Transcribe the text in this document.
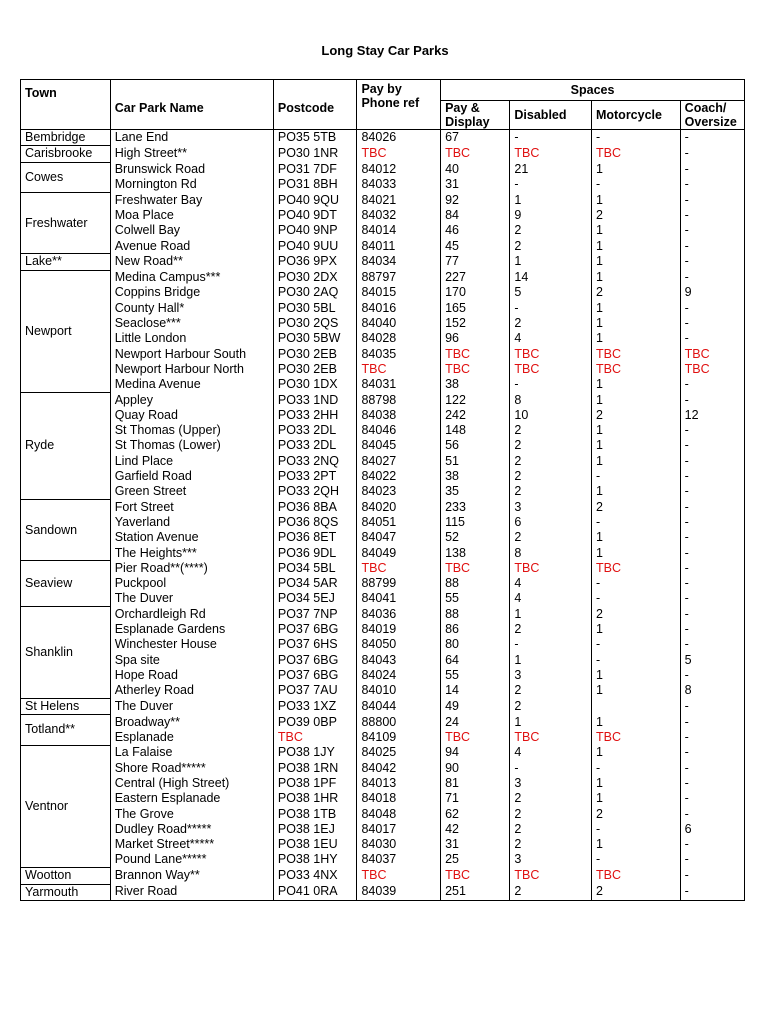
Long Stay Car Parks
Town	Car Park Name	Postcode	Pay by Phone ref	Spaces			
				Pay & Display	Disabled	Motorcycle	Coach/ Oversize
Bembridge	Lane End	PO35 5TB	84026	67	-	-	-
Carisbrooke	High Street**	PO30 1NR	TBC	TBC	TBC	TBC	-
Cowes	Brunswick Road	PO31 7DF	84012	40	21	1	-
	Mornington Rd	PO31 8BH	84033	31	-	-	-
Freshwater	Freshwater Bay	PO40 9QU	84021	92	1	1	-
	Moa Place	PO40 9DT	84032	84	9	2	-
	Colwell Bay	PO40 9NP	84014	46	2	1	-
	Avenue Road	PO40 9UU	84011	45	2	1	-
Lake**	New Road**	PO36 9PX	84034	77	1	1	-
Newport	Medina Campus***	PO30 2DX	88797	227	14	1	-
	Coppins Bridge	PO30 2AQ	84015	170	5	2	9
	County Hall*	PO30 5BL	84016	165	-	1	-
	Seaclose***	PO30 2QS	84040	152	2	1	-
	Little London	PO30 5BW	84028	96	4	1	-
	Newport Harbour South	PO30 2EB	84035	TBC	TBC	TBC	TBC
	Newport Harbour North	PO30 2EB	TBC	TBC	TBC	TBC	TBC
	Medina Avenue	PO30 1DX	84031	38	-	1	-
Ryde	Appley	PO33 1ND	88798	122	8	1	-
	Quay Road	PO33 2HH	84038	242	10	2	12
	St Thomas (Upper)	PO33 2DL	84046	148	2	1	-
	St Thomas (Lower)	PO33 2DL	84045	56	2	1	-
	Lind Place	PO33 2NQ	84027	51	2	1	-
	Garfield Road	PO33 2PT	84022	38	2	-	-
	Green Street	PO33 2QH	84023	35	2	1	-
Sandown	Fort Street	PO36 8BA	84020	233	3	2	-
	Yaverland	PO36 8QS	84051	115	6	-	-
	Station Avenue	PO36 8ET	84047	52	2	1	-
	The Heights***	PO36 9DL	84049	138	8	1	-
Seaview	Pier Road**(****)	PO34 5BL	TBC	TBC	TBC	TBC	-
	Puckpool	PO34 5AR	88799	88	4	-	-
	The Duver	PO34 5EJ	84041	55	4	-	-
Shanklin	Orchardleigh Rd	PO37 7NP	84036	88	1	2	-
	Esplanade Gardens	PO37 6BG	84019	86	2	1	-
	Winchester House	PO37 6HS	84050	80	-	-	-
	Spa site	PO37 6BG	84043	64	1	-	5
	Hope Road	PO37 6BG	84024	55	3	1	-
	Atherley Road	PO37 7AU	84010	14	2	1	8
St Helens	The Duver	PO33 1XZ	84044	49	2		-
Totland**	Broadway**	PO39 0BP	88800	24	1	1	-
	Esplanade	TBC	84109	TBC	TBC	TBC	-
Ventnor	La Falaise	PO38 1JY	84025	94	4	1	-
	Shore Road*****	PO38 1RN	84042	90	-	-	-
	Central (High Street)	PO38 1PF	84013	81	3	1	-
	Eastern Esplanade	PO38 1HR	84018	71	2	1	-
	The Grove	PO38 1TB	84048	62	2	2	-
	Dudley Road*****	PO38 1EJ	84017	42	2	-	6
	Market Street*****	PO38 1EU	84030	31	2	1	-
	Pound Lane*****	PO38 1HY	84037	25	3	-	-
Wootton	Brannon Way**	PO33 4NX	TBC	TBC	TBC	TBC	-
Yarmouth	River Road	PO41 0RA	84039	251	2	2	-
